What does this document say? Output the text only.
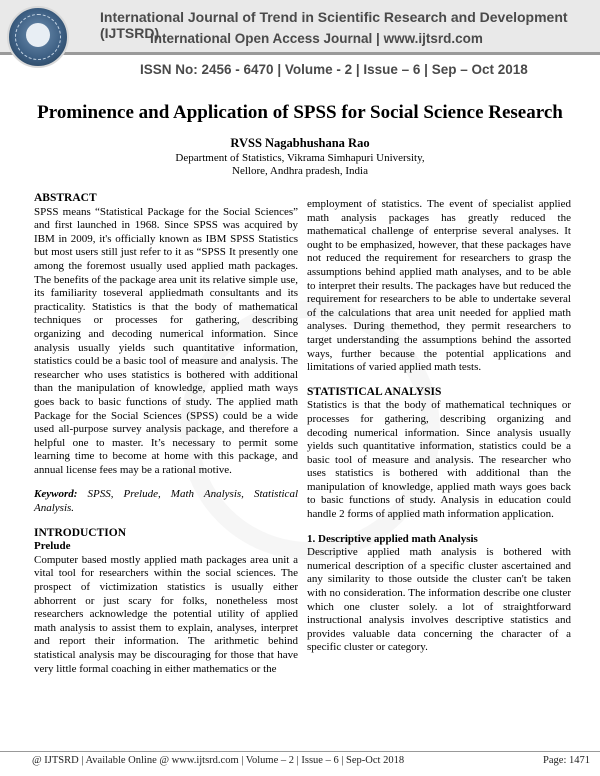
International Journal of Trend in Scientific Research and Development (IJTSRD)
International Open Access Journal | www.ijtsrd.com
ISSN No: 2456 - 6470 | Volume - 2 | Issue – 6 | Sep – Oct 2018
Prominence and Application of SPSS for Social Science Research
RVSS Nagabhushana Rao
Department of Statistics, Vikrama Simhapuri University,
Nellore, Andhra pradesh, India
ABSTRACT

SPSS means “Statistical Package for the Social Sciences” and first launched in 1968. Since SPSS was acquired by IBM in 2009, it's officially known as IBM SPSS Statistics but most users still just refer to it as “SPSS It presently one among the foremost usually used applied math packages. The benefits of the package area unit its relative simple use, its familiarity toseveral appliedmath consultants and its practicality. Statistics is that the body of mathematical techniques or processes for gathering, describing organizing and decoding numerical information. Since analysis usually yields such quantitative information, statistics could be a basic tool of measure and analysis. The researcher who uses statistics is bothered with additional than the manipulation of knowledge, applied math ways goes back to basic functions of study. The applied math Package for the Social Sciences (SPSS) could be a wide used all-purpose survey analysis package, and therefore a helpful one to master. It’s necessary to permit some learning time to become at home with this package, and annual license fees may be a rational motive.

Keyword: SPSS, Prelude, Math Analysis, Statistical Analysis.

INTRODUCTION
Prelude

Computer based mostly applied math packages area unit a vital tool for researchers within the social sciences. The prospect of victimization statistics is usually either abhorrent or just scary for folks, nonetheless most researchers acknowledge the potential utility of applied math analysis to assist them to explain, analyses, interpret and report their information. The arithmetic behind statistical analysis may be discouraging for those that have very little formal coaching in either mathematics or the

employment of statistics. The event of specialist applied math analysis packages has greatly reduced the mathematical challenge of enterprise several analyses. It ought to be emphasized, however, that these packages have not reduced the requirement for researchers to grasp the assumptions behind applied math analyses, and to be able to interpret their results. The packages have but reduced the requirement for researchers to be able to undertake several of the calculations that area unit needed for applied math analyses. During themethod, they permit researchers to target understanding the assumptions behind the assorted ways, further because the potential applications and limitations of varied applied math tests.

STATISTICAL ANALYSIS

Statistics is that the body of mathematical techniques or processes for gathering, describing organizing and decoding numerical information. Since analysis usually yields such quantitative information, statistics could be a basic tool of measure and analysis. The researcher who uses statistics is bothered with additional than the manipulation of knowledge, applied math ways goes back to basic functions of study. Analysis in education could handle 2 forms of applied math information application.

1. Descriptive applied math Analysis

Descriptive applied math analysis is bothered with numerical description of a specific cluster ascertained and any similarity to those outside the cluster can't be taken with no consideration. The information describe one cluster which one cluster solely. a lot of straightforward instructional analysis involves descriptive statistics and provides valuable data concerning the character of a specific cluster or category.

@ IJTSRD | Available Online @ www.ijtsrd.com | Volume – 2 | Issue – 6 | Sep-Oct 2018	Page: 1471
